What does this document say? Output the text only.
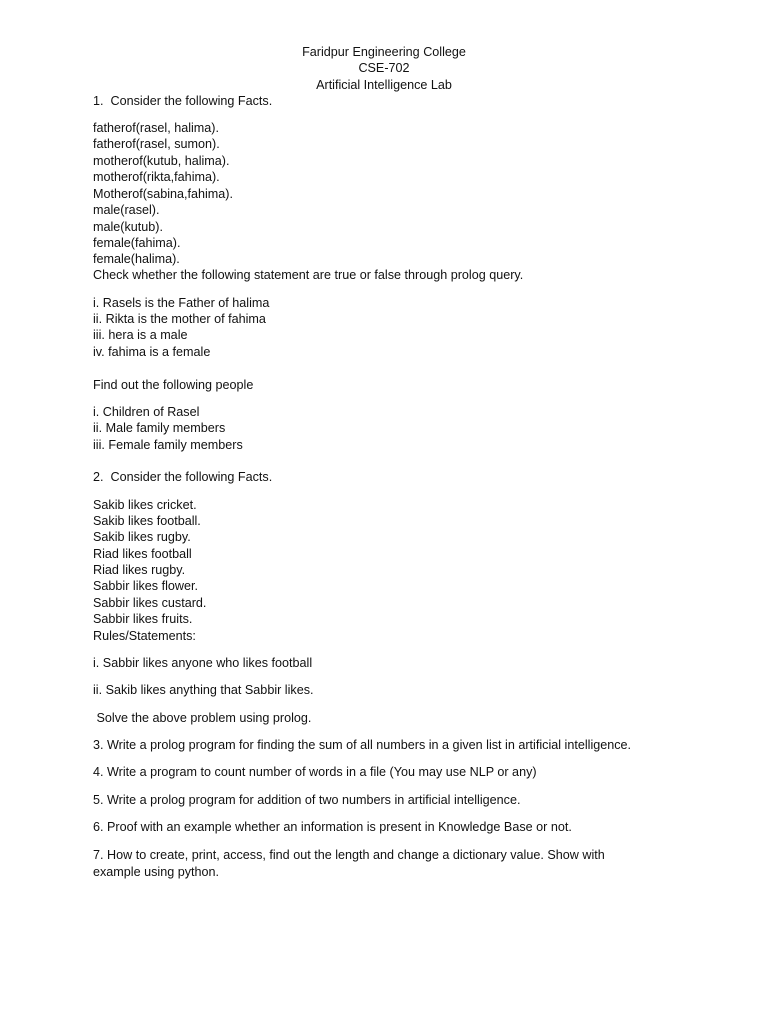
Faridpur Engineering College
CSE-702
Artificial Intelligence Lab
1.  Consider the following Facts.
fatherof(rasel, halima).
fatherof(rasel, sumon).
motherof(kutub, halima).
motherof(rikta,fahima).
Motherof(sabina,fahima).
male(rasel).
male(kutub).
female(fahima).
female(halima).
Check whether the following statement are true or false through prolog query.
i. Rasels is the Father of halima
ii. Rikta is the mother of fahima
iii. hera is a male
iv. fahima is a female
Find out the following people
i. Children of Rasel
ii. Male family members
iii. Female family members
2.  Consider the following Facts.
Sakib likes cricket.
Sakib likes football.
Sakib likes rugby.
Riad likes football
Riad likes rugby.
Sabbir likes flower.
Sabbir likes custard.
Sabbir likes fruits.
Rules/Statements:
i. Sabbir likes anyone who likes football
ii. Sakib likes anything that Sabbir likes.
Solve the above problem using prolog.
3. Write a prolog program for finding the sum of all numbers in a given list in artificial intelligence.
4. Write a program to count number of words in a file (You may use NLP or any)
5. Write a prolog program for addition of two numbers in artificial intelligence.
6. Proof with an example whether an information is present in Knowledge Base or not.
7. How to create, print, access, find out the length and change a dictionary value. Show with
example using python.
